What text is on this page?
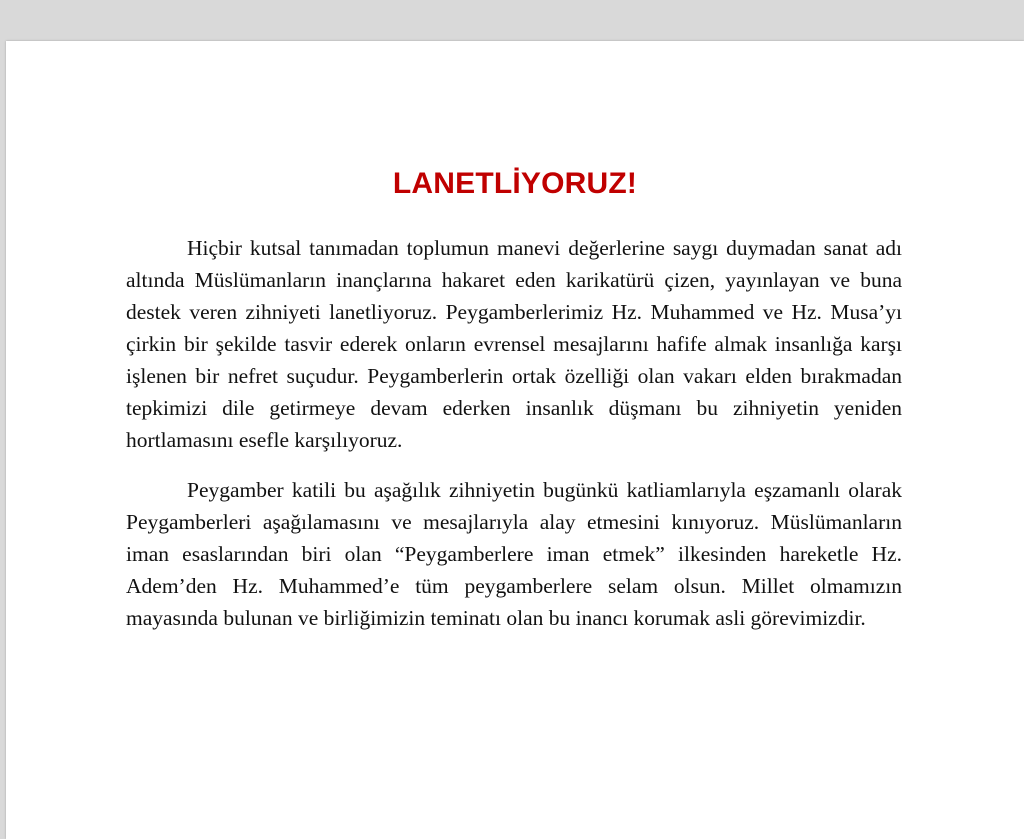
LANETLİYORUZ!

Hiçbir kutsal tanımadan toplumun manevi değerlerine saygı duymadan sanat adı altında Müslümanların inançlarına hakaret eden karikatürü çizen, yayınlayan ve buna destek veren zihniyeti lanetliyoruz. Peygamberlerimiz Hz. Muhammed ve Hz. Musa’yı çirkin bir şekilde tasvir ederek onların evrensel mesajlarını hafife almak insanlığa karşı işlenen bir nefret suçudur. Peygamberlerin ortak özelliği olan vakarı elden bırakmadan tepkimizi dile getirmeye devam ederken insanlık düşmanı bu zihniyetin yeniden hortlamasını esefle karşılıyoruz.

Peygamber katili bu aşağılık zihniyetin bugünkü katliamlarıyla eşzamanlı olarak Peygamberleri aşağılamasını ve mesajlarıyla alay etmesini kınıyoruz. Müslümanların iman esaslarından biri olan “Peygamberlere iman etmek” ilkesinden hareketle Hz. Adem’den Hz. Muhammed’e tüm peygamberlere selam olsun. Millet olmamızın mayasında bulunan ve birliğimizin teminatı olan bu inancı korumak asli görevimizdir.
